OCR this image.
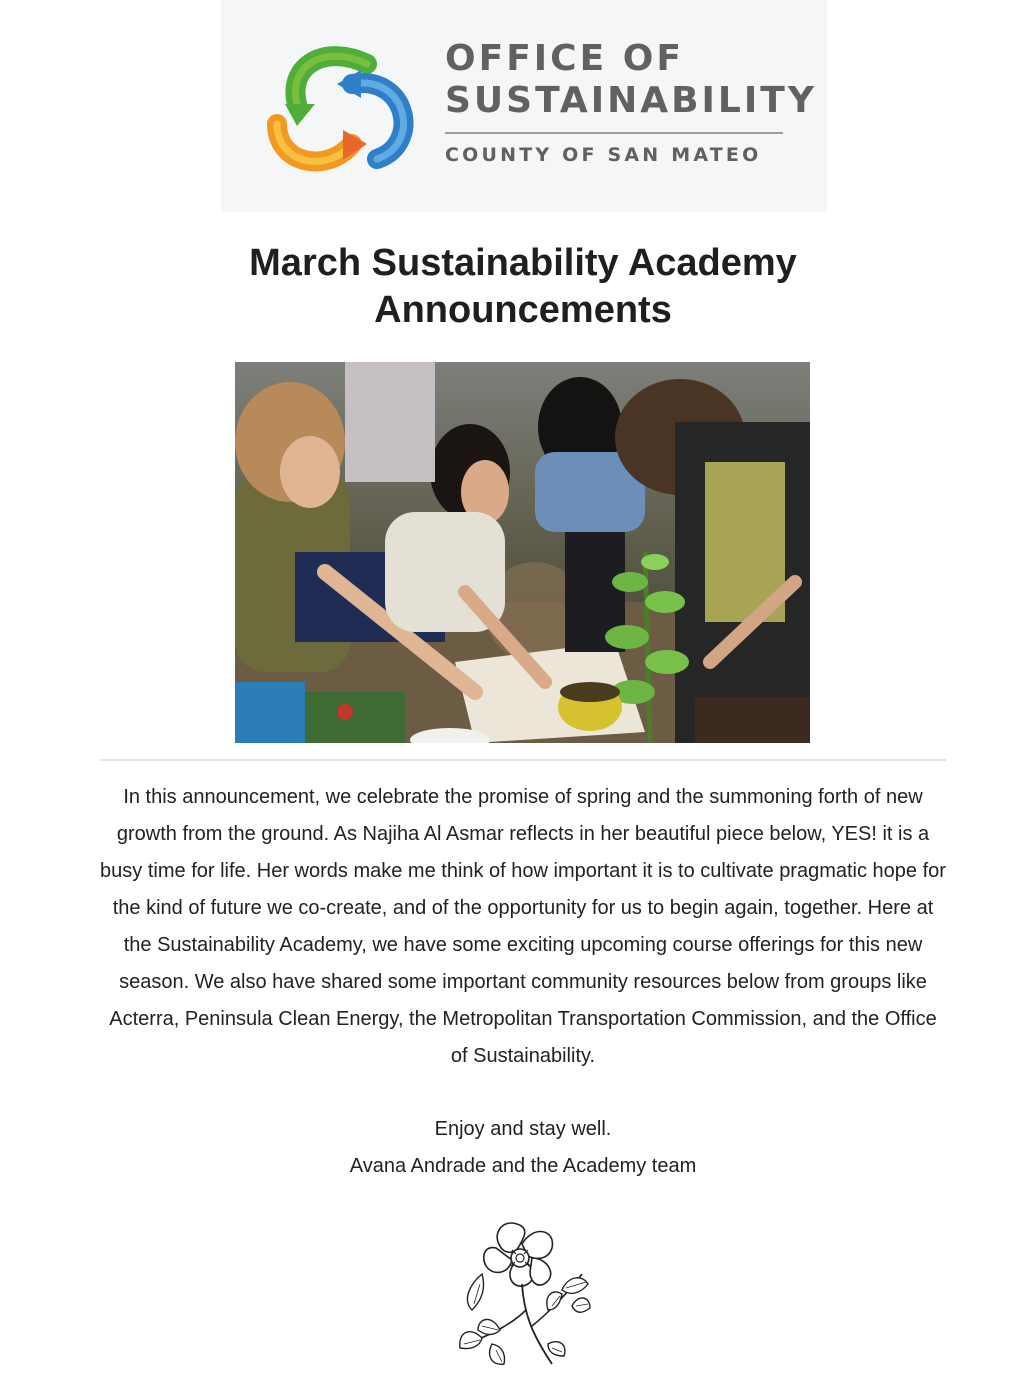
OFFICE OF
SUSTAINABILITY
COUNTY OF SAN MATEO
March Sustainability Academy Announcements

In this announcement, we celebrate the promise of spring and the summoning forth of new growth from the ground. As Najiha Al Asmar reflects in her beautiful piece below, YES! it is a busy time for life. Her words make me think of how important it is to cultivate pragmatic hope for the kind of future we co-create, and of the opportunity for us to begin again, together. Here at the Sustainability Academy, we have some exciting upcoming course offerings for this new season. We also have shared some important community resources below from groups like Acterra, Peninsula Clean Energy, the Metropolitan Transportation Commission, and the Office of Sustainability.

Enjoy and stay well.
Avana Andrade and the Academy team
